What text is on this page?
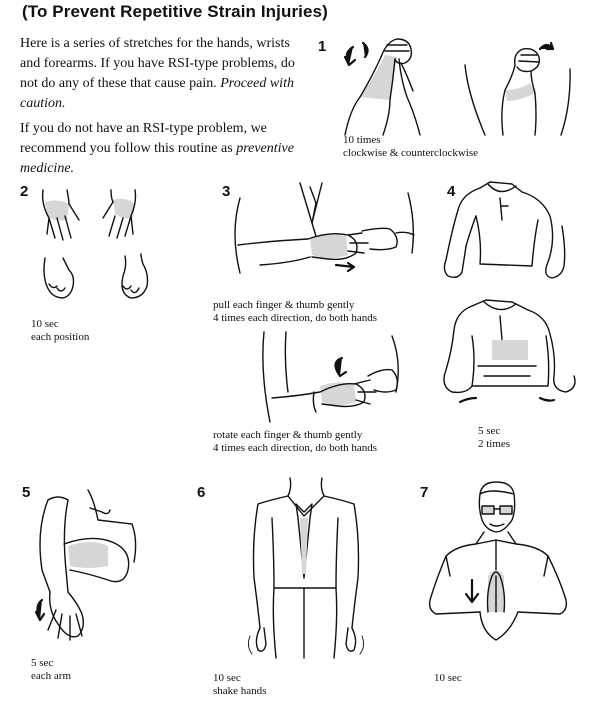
(To Prevent Repetitive Strain Injuries)

Here is a series of stretches for the hands, wrists and forearms. If you have RSI-type problems, do not do any of these that cause pain. Proceed with caution.

If you do not have an RSI-type problem, we recommend you follow this routine as preventive medicine.

1
10 times
clockwise & counterclockwise
2
10 sec
each position
3
pull each finger & thumb gently
4 times each direction, do both hands
rotate each finger & thumb gently
4 times each direction, do both hands
4
5 sec
2 times
5
5 sec
each arm
6
10 sec
shake hands
7
10 sec
